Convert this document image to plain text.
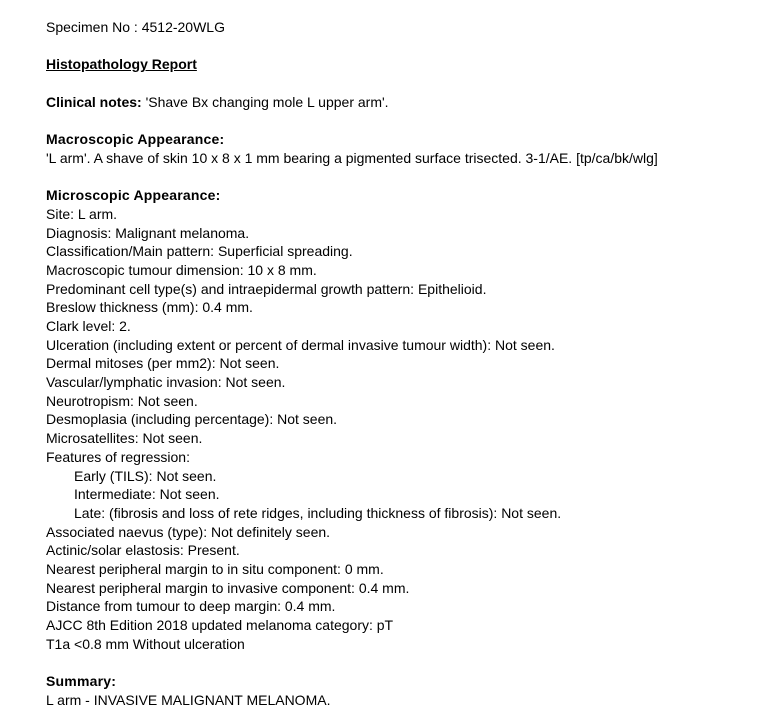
Specimen No : 4512-20WLG
Histopathology Report
Clinical notes: 'Shave Bx changing mole L upper arm'.
Macroscopic Appearance:
'L arm'. A shave of skin 10 x 8 x 1 mm bearing a pigmented surface trisected. 3-1/AE. [tp/ca/bk/wlg]
Microscopic Appearance:
Site: L arm.
Diagnosis: Malignant melanoma.
Classification/Main pattern: Superficial spreading.
Macroscopic tumour dimension: 10 x 8 mm.
Predominant cell type(s) and intraepidermal growth pattern: Epithelioid.
Breslow thickness (mm): 0.4 mm.
Clark level: 2.
Ulceration (including extent or percent of dermal invasive tumour width): Not seen.
Dermal mitoses (per mm2): Not seen.
Vascular/lymphatic invasion: Not seen.
Neurotropism: Not seen.
Desmoplasia (including percentage): Not seen.
Microsatellites: Not seen.
Features of regression:
Early (TILS): Not seen.
Intermediate: Not seen.
Late: (fibrosis and loss of rete ridges, including thickness of fibrosis): Not seen.
Associated naevus (type): Not definitely seen.
Actinic/solar elastosis: Present.
Nearest peripheral margin to in situ component: 0 mm.
Nearest peripheral margin to invasive component: 0.4 mm.
Distance from tumour to deep margin: 0.4 mm.
AJCC 8th Edition 2018 updated melanoma category: pT
T1a <0.8 mm Without ulceration
Summary:
L arm - INVASIVE MALIGNANT MELANOMA.
